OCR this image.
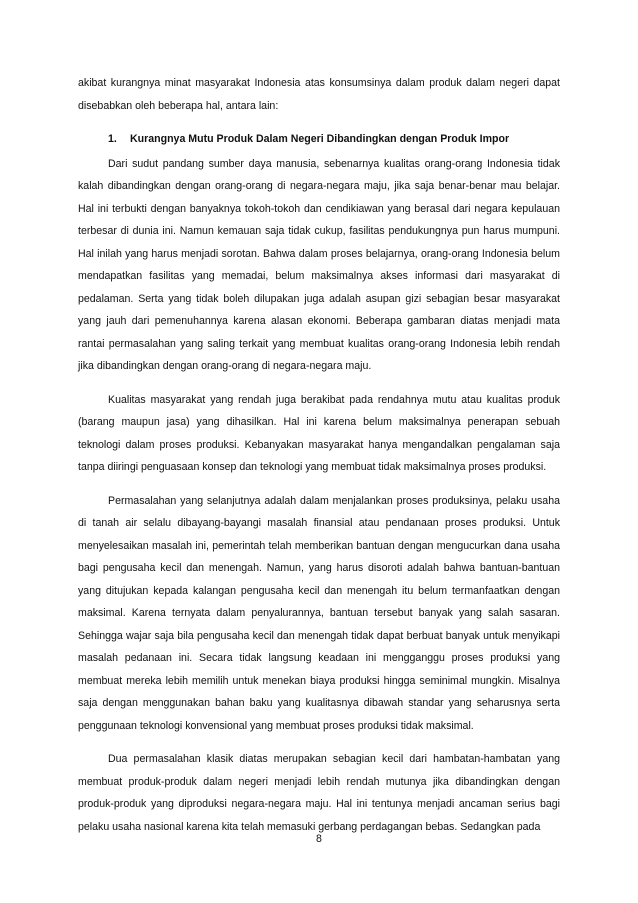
akibat kurangnya minat masyarakat Indonesia atas konsumsinya dalam produk dalam negeri dapat disebabkan oleh beberapa hal, antara lain:

1. Kurangnya Mutu Produk Dalam Negeri Dibandingkan dengan Produk Impor

Dari sudut pandang sumber daya manusia, sebenarnya kualitas orang-orang Indonesia tidak kalah dibandingkan dengan orang-orang di negara-negara maju, jika saja benar-benar mau belajar. Hal ini terbukti dengan banyaknya tokoh-tokoh dan cendikiawan yang berasal dari negara kepulauan terbesar di dunia ini. Namun kemauan saja tidak cukup, fasilitas pendukungnya pun harus mumpuni. Hal inilah yang harus menjadi sorotan. Bahwa dalam proses belajarnya, orang-orang Indonesia belum mendapatkan fasilitas yang memadai, belum maksimalnya akses informasi dari masyarakat di pedalaman. Serta yang tidak boleh dilupakan juga adalah asupan gizi sebagian besar masyarakat yang jauh dari pemenuhannya karena alasan ekonomi. Beberapa gambaran diatas menjadi mata rantai permasalahan yang saling terkait yang membuat kualitas orang-orang Indonesia lebih rendah jika dibandingkan dengan orang-orang di negara-negara maju.

Kualitas masyarakat yang rendah juga berakibat pada rendahnya mutu atau kualitas produk (barang maupun jasa) yang dihasilkan. Hal ini karena belum maksimalnya penerapan sebuah teknologi dalam proses produksi. Kebanyakan masyarakat hanya mengandalkan pengalaman saja tanpa diiringi penguasaan konsep dan teknologi yang membuat tidak maksimalnya proses produksi.

Permasalahan yang selanjutnya adalah dalam menjalankan proses produksinya, pelaku usaha di tanah air selalu dibayang-bayangi masalah finansial atau pendanaan proses produksi. Untuk menyelesaikan masalah ini, pemerintah telah memberikan bantuan dengan mengucurkan dana usaha bagi pengusaha kecil dan menengah. Namun, yang harus disoroti adalah bahwa bantuan-bantuan yang ditujukan kepada kalangan pengusaha kecil dan menengah itu belum termanfaatkan dengan maksimal. Karena ternyata dalam penyalurannya, bantuan tersebut banyak yang salah sasaran. Sehingga wajar saja bila pengusaha kecil dan menengah tidak dapat berbuat banyak untuk menyikapi masalah pedanaan ini. Secara tidak langsung keadaan ini mengganggu proses produksi yang membuat mereka lebih memilih untuk menekan biaya produksi hingga seminimal mungkin. Misalnya saja dengan menggunakan bahan baku yang kualitasnya dibawah standar yang seharusnya serta penggunaan teknologi konvensional yang membuat proses produksi tidak maksimal.

Dua permasalahan klasik diatas merupakan sebagian kecil dari hambatan-hambatan yang membuat produk-produk dalam negeri menjadi lebih rendah mutunya jika dibandingkan dengan produk-produk yang diproduksi negara-negara maju. Hal ini tentunya menjadi ancaman serius bagi pelaku usaha nasional karena kita telah memasuki gerbang perdagangan bebas. Sedangkan pada

8
